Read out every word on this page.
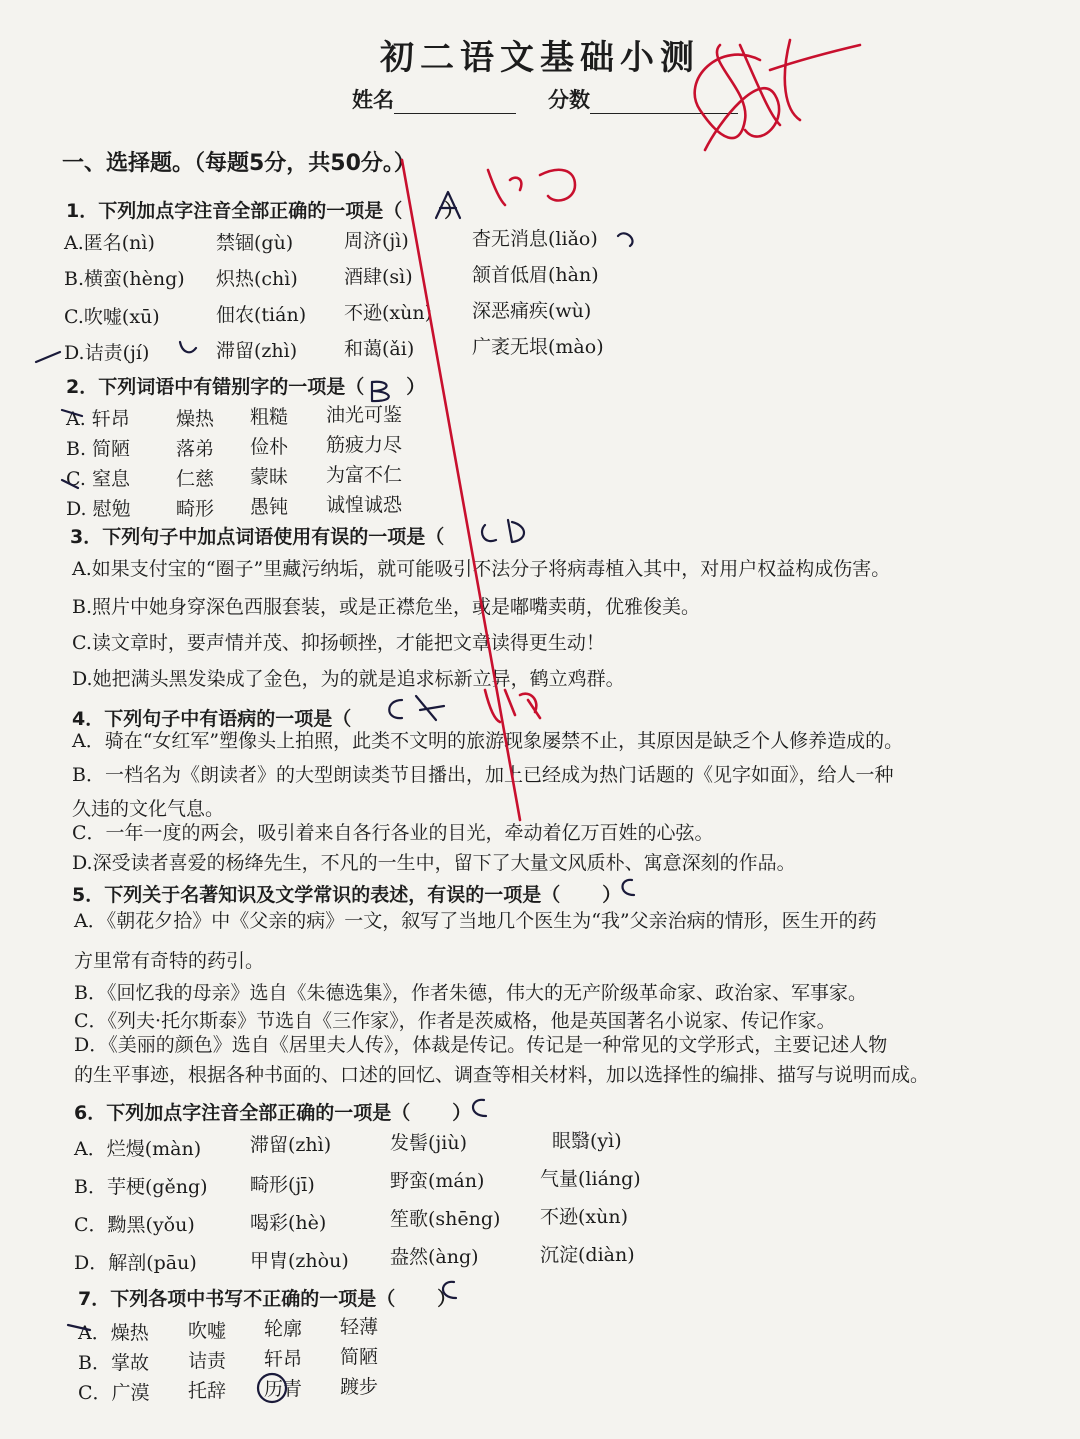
初二语文基础小测
姓名	分数
一、选择题。（每题5分，共50分。）
1．下列加点字注音全部正确的一项是（ ）
A.匿名(nì)	禁锢(gù)	周济(jì)	杳无消息(liǎo)
B.横蛮(hèng) 炽热(chì) 酒肆(sì)	颔首低眉(hàn)
C.吹嘘(xū)	佃农(tián) 不逊(xùn) 深恶痛疾(wù)
D.诘责(jí)	滞留(zhì) 和蔼(ǎi)	广袤无垠(mào)
2．下列词语中有错别字的一项是（ ）
A. 轩昂 燥热 粗糙 油光可鉴
B. 简陋 落弟 俭朴 筋疲力尽
C. 窒息 仁慈 蒙昧 为富不仁
D. 慰勉 畸形 愚钝 诚惶诚恐
3．下列句子中加点词语使用有误的一项是（
A.如果支付宝的“圈子”里藏污纳垢，就可能吸引不法分子将病毒植入其中，对用户权益构成伤害。
B.照片中她身穿深色西服套装，或是正襟危坐，或是嘟嘴卖萌，优雅俊美。
C.读文章时，要声情并茂、抑扬顿挫，才能把文章读得更生动！
D.她把满头黑发染成了金色，为的就是追求标新立异，鹤立鸡群。
4．下列句子中有语病的一项是（
A．骑在“女红军”塑像头上拍照，此类不文明的旅游现象屡禁不止，其原因是缺乏个人修养造成的。
B．一档名为《朗读者》的大型朗读类节目播出，加上已经成为热门话题的《见字如面》，给人一种
久违的文化气息。
C．一年一度的两会，吸引着来自各行各业的目光，牵动着亿万百姓的心弦。
D.深受读者喜爱的杨绛先生，不凡的一生中，留下了大量文风质朴、寓意深刻的作品。
5．下列关于名著知识及文学常识的表述，有误的一项是（ ）
A．《朝花夕拾》中《父亲的病》一文，叙写了当地几个医生为“我”父亲治病的情形，医生开的药
方里常有奇特的药引。
B．《回忆我的母亲》选自《朱德选集》，作者朱德，伟大的无产阶级革命家、政治家、军事家。
C．《列夫·托尔斯泰》节选自《三作家》，作者是茨威格，他是英国著名小说家、传记作家。
D．《美丽的颜色》选自《居里夫人传》，体裁是传记。传记是一种常见的文学形式，主要记述人物
的生平事迹，根据各种书面的、口述的回忆、调查等相关材料，加以选择性的编排、描写与说明而成。
6．下列加点字注音全部正确的一项是（ ）
A．烂熳(màn)	滞留(zhì)	发髻(jiù)	眼翳(yì)
B．芋梗(gěng) 畸形(jī)	野蛮(mán)	气量(liáng)
C．黝黑(yǒu)	喝彩(hè)	笙歌(shēng) 不逊(xùn)
D．解剖(pāu)	甲胄(zhòu) 盎然(àng)	沉淀(diàn)
7．下列各项中书写不正确的一项是（ ）
A．燥热 吹嘘 轮廓 轻薄
B．掌故 诘责 轩昂 简陋
C．广漠 托辞 历青 踱步
